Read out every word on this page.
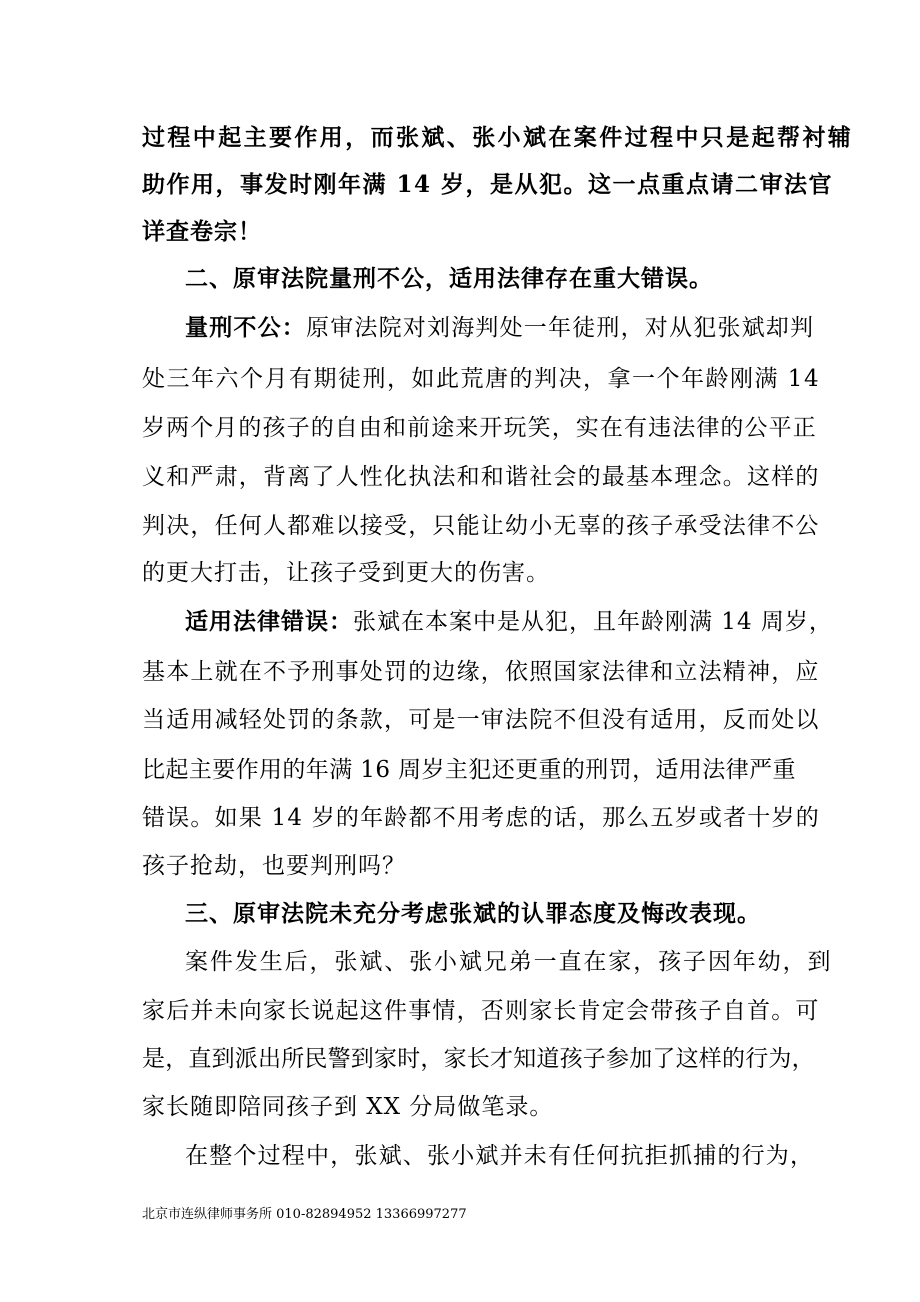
过程中起主要作用，而张斌、张小斌在案件过程中只是起帮衬辅
助作用，事发时刚年满 14 岁，是从犯。这一点重点请二审法官
详查卷宗！
二、原审法院量刑不公，适用法律存在重大错误。
量刑不公：原审法院对刘海判处一年徒刑，对从犯张斌却判
处三年六个月有期徒刑，如此荒唐的判决，拿一个年龄刚满 14
岁两个月的孩子的自由和前途来开玩笑，实在有违法律的公平正
义和严肃，背离了人性化执法和和谐社会的最基本理念。这样的
判决，任何人都难以接受，只能让幼小无辜的孩子承受法律不公
的更大打击，让孩子受到更大的伤害。
适用法律错误：张斌在本案中是从犯，且年龄刚满 14 周岁，
基本上就在不予刑事处罚的边缘，依照国家法律和立法精神，应
当适用减轻处罚的条款，可是一审法院不但没有适用，反而处以
比起主要作用的年满 16 周岁主犯还更重的刑罚，适用法律严重
错误。如果 14 岁的年龄都不用考虑的话，那么五岁或者十岁的
孩子抢劫，也要判刑吗？
三、原审法院未充分考虑张斌的认罪态度及悔改表现。
案件发生后，张斌、张小斌兄弟一直在家，孩子因年幼，到
家后并未向家长说起这件事情，否则家长肯定会带孩子自首。可
是，直到派出所民警到家时，家长才知道孩子参加了这样的行为，
家长随即陪同孩子到 XX 分局做笔录。
在整个过程中，张斌、张小斌并未有任何抗拒抓捕的行为，
北京市连纵律师事务所 010-82894952 13366997277
